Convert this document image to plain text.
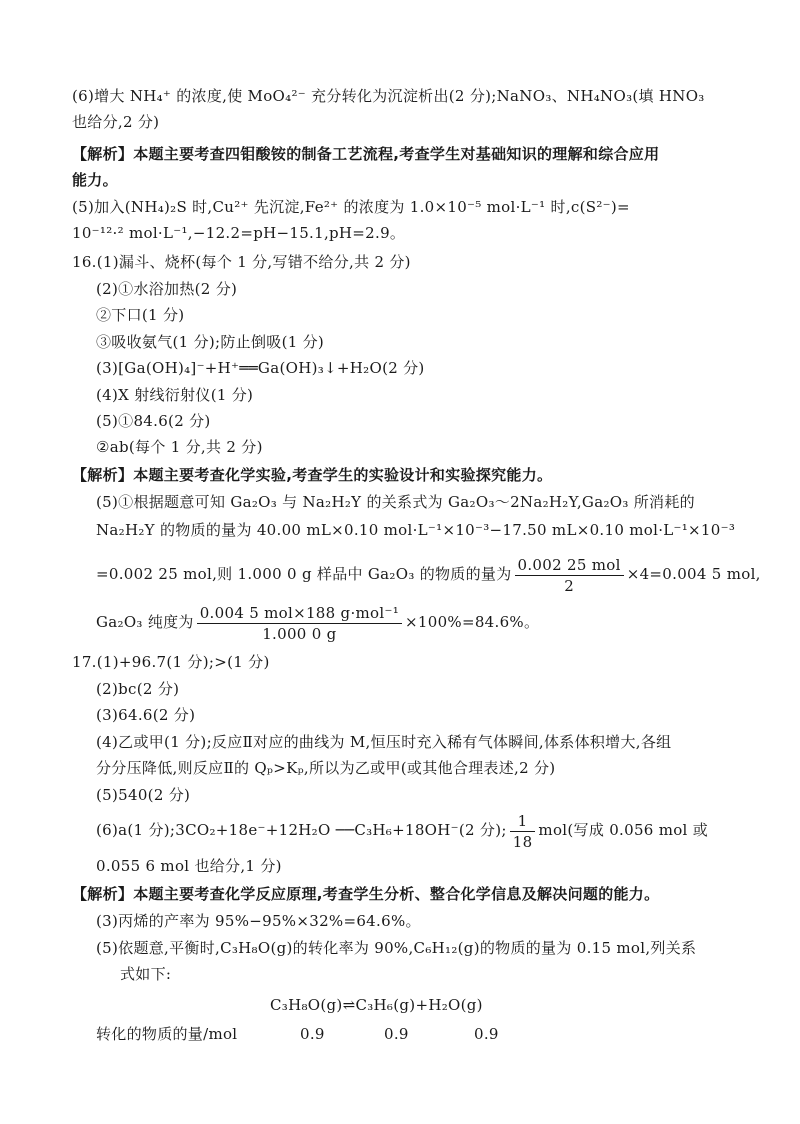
(6)增大 NH₄⁺ 的浓度,使 MoO₄²⁻ 充分转化为沉淀析出(2 分);NaNO₃、NH₄NO₃(填 HNO₃
也给分,2 分)
【解析】本题主要考查四钼酸铵的制备工艺流程,考查学生对基础知识的理解和综合应用
能力。
(5)加入(NH₄)₂S 时,Cu²⁺ 先沉淀,Fe²⁺ 的浓度为 1.0×10⁻⁵ mol·L⁻¹ 时,c(S²⁻)=
10⁻¹²·² mol·L⁻¹,−12.2=pH−15.1,pH=2.9。
16.(1)漏斗、烧杯(每个 1 分,写错不给分,共 2 分)
(2)①水浴加热(2 分)
②下口(1 分)
③吸收氨气(1 分);防止倒吸(1 分)
(3)[Ga(OH)₄]⁻+H⁺══Ga(OH)₃↓+H₂O(2 分)
(4)X 射线衍射仪(1 分)
(5)①84.6(2 分)
②ab(每个 1 分,共 2 分)
【解析】本题主要考查化学实验,考查学生的实验设计和实验探究能力。
(5)①根据题意可知 Ga₂O₃ 与 Na₂H₂Y 的关系式为 Ga₂O₃～2Na₂H₂Y,Ga₂O₃ 所消耗的
Na₂H₂Y 的物质的量为 40.00 mL×0.10 mol·L⁻¹×10⁻³−17.50 mL×0.10 mol·L⁻¹×10⁻³
=0.002 25 mol,则 1.000 0 g 样品中 Ga₂O₃ 的物质的量为 $\frac{\text{0.002 25 mol}}{2} \times 4=0.004$ 5 mol,
Ga₂O₃ 纯度为 $\frac{\text{0.004 5 mol×188 g·mol⁻¹}}{1.000 0 g} \times 100\%=84.6\%$。
17.(1)+96.7(1 分);>(1 分)
(2)bc(2 分)
(3)64.6(2 分)
(4)乙或甲(1 分);反应Ⅱ对应的曲线为 M,恒压时充入稀有气体瞬间,体系体积增大,各组
分分压降低,则反应Ⅱ的 Qₚ>Kₚ,所以为乙或甲(或其他合理表述,2 分)
(5)540(2 分)
(6)a(1 分);3CO₂+18e⁻+12H₂O ──C₃H₆+18OH⁻(2 分); $\frac{1}{18} mol$(写成 0.056 mol 或
0.055 6 mol 也给分,1 分)
【解析】本题主要考查化学反应原理,考查学生分析、整合化学信息及解决问题的能力。
(3)丙烯的产率为 95%−95%×32%=64.6%。
(5)依题意,平衡时,C₃H₈O(g)的转化率为 90%,C₆H₁₂(g)的物质的量为 0.15 mol,列关系
式如下:
C₃H₈O(g)⇌C₃H₆(g)+H₂O(g)
转化的物质的量/mol	0.9	0.9	0.9
